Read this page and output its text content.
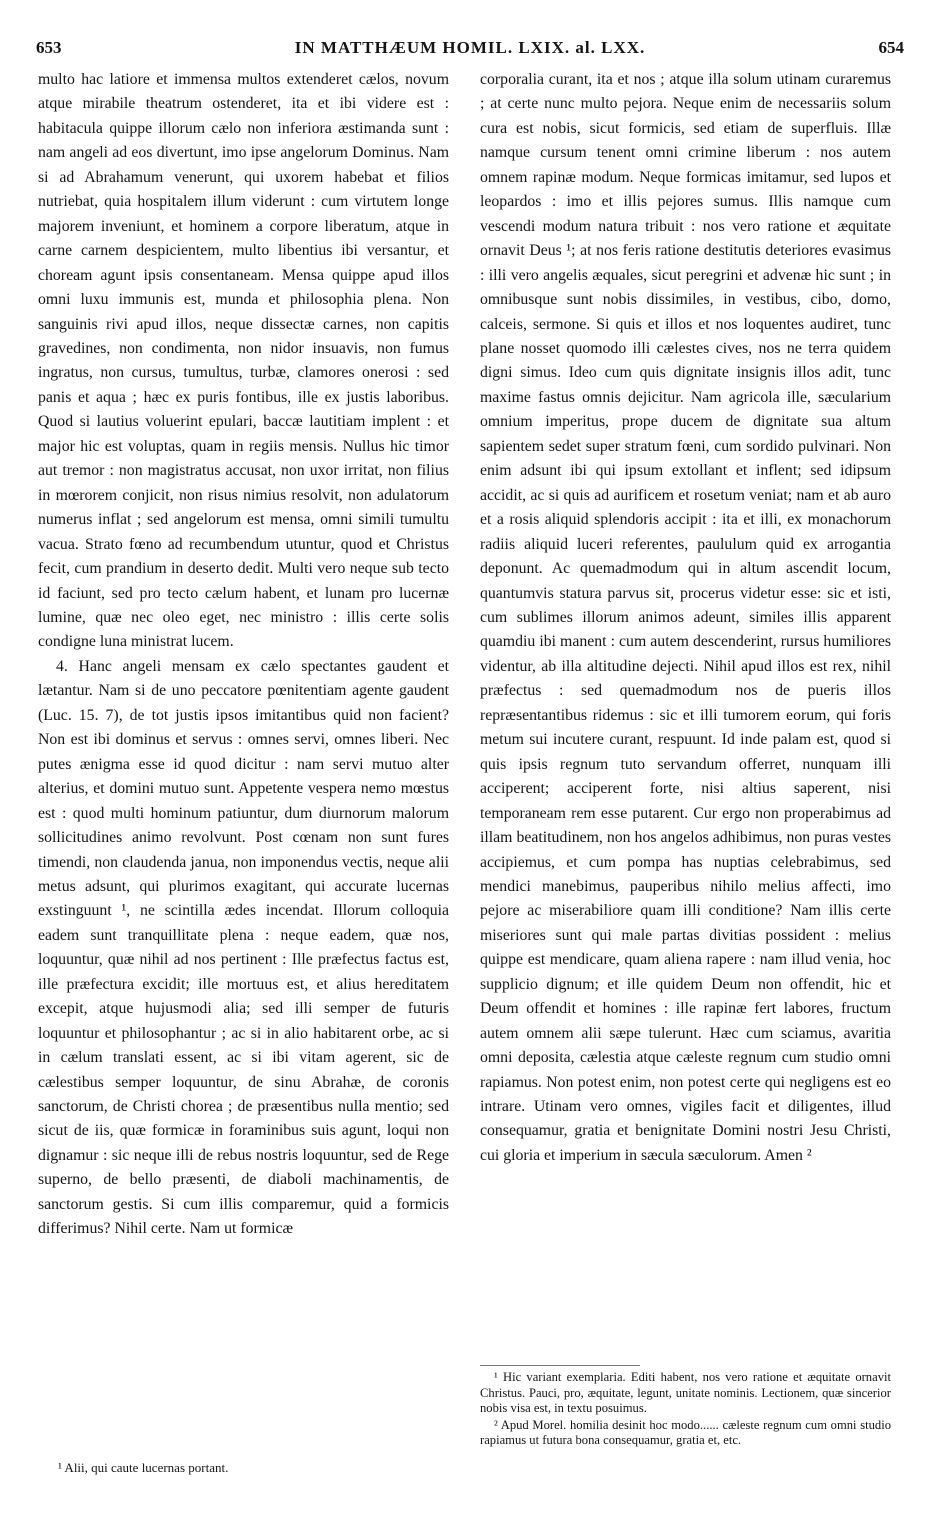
653	IN MATTHÆUM HOMIL. LXIX. al. LXX.	654

multo hac latiore et immensa multos extenderet cælos, novum atque mirabile theatrum ostenderet, ita et ibi videre est : habitacula quippe illorum cælo non inferiora æstimanda sunt : nam angeli ad eos divertunt, imo ipse angelorum Dominus. Nam si ad Abrahamum venerunt, qui uxorem habebat et filios nutriebat, quia hospitalem illum viderunt : cum virtutem longe majorem inveniunt, et hominem a corpore liberatum, atque in carne carnem despicientem, multo libentius ibi versantur, et choream agunt ipsis consentaneam. Mensa quippe apud illos omni luxu immunis est, munda et philosophia plena. Non sanguinis rivi apud illos, neque dissectæ carnes, non capitis gravedines, non condimenta, non nidor insuavis, non fumus ingratus, non cursus, tumultus, turbæ, clamores onerosi : sed panis et aqua ; hæc ex puris fontibus, ille ex justis laboribus. Quod si lautius voluerint epulari, baccæ lautitiam implent : et major hic est voluptas, quam in regiis mensis. Nullus hic timor aut tremor : non magistratus accusat, non uxor irritat, non filius in mœrorem conjicit, non risus nimius resolvit, non adulatorum numerus inflat ; sed angelorum est mensa, omni simili tumultu vacua. Strato fœno ad recumbendum utuntur, quod et Christus fecit, cum prandium in deserto dedit. Multi vero neque sub tecto id faciunt, sed pro tecto cælum habent, et lunam pro lucernæ lumine, quæ nec oleo eget, nec ministro : illis certe solis condigne luna ministrat lucem.

4. Hanc angeli mensam ex cælo spectantes gaudent et lætantur. Nam si de uno peccatore pœnitentiam agente gaudent (Luc. 15. 7), de tot justis ipsos imitantibus quid non facient? Non est ibi dominus et servus : omnes servi, omnes liberi. Nec putes ænigma esse id quod dicitur : nam servi mutuo alter alterius, et domini mutuo sunt. Appetente vespera nemo mœstus est : quod multi hominum patiuntur, dum diurnorum malorum sollicitudines animo revolvunt. Post cœnam non sunt fures timendi, non claudenda janua, non imponendus vectis, neque alii metus adsunt, qui plurimos exagitant, qui accurate lucernas exstinguunt ¹, ne scintilla ædes incendat. Illorum colloquia eadem sunt tranquillitate plena : neque eadem, quæ nos, loquuntur, quæ nihil ad nos pertinent : Ille præfectus factus est, ille præfectura excidit; ille mortuus est, et alius hereditatem excepit, atque hujusmodi alia; sed illi semper de futuris loquuntur et philosophantur ; ac si in alio habitarent orbe, ac si in cælum translati essent, ac si ibi vitam agerent, sic de cælestibus semper loquuntur, de sinu Abrahæ, de coronis sanctorum, de Christi chorea ; de præsentibus nulla mentio; sed sicut de iis, quæ formicæ in foraminibus suis agunt, loqui non dignamur : sic neque illi de rebus nostris loquuntur, sed de Rege superno, de bello præsenti, de diaboli machinamentis, de sanctorum gestis. Si cum illis comparemur, quid a formicis differimus? Nihil certe. Nam ut formicæ

corporalia curant, ita et nos ; atque illa solum utinam curaremus ; at certe nunc multo pejora. Neque enim de necessariis solum cura est nobis, sicut formicis, sed etiam de superfluis. Illæ namque cursum tenent omni crimine liberum : nos autem omnem rapinæ modum. Neque formicas imitamur, sed lupos et leopardos : imo et illis pejores sumus. Illis namque cum vescendi modum natura tribuit : nos vero ratione et æquitate ornavit Deus ¹; at nos feris ratione destitutis deteriores evasimus : illi vero angelis æquales, sicut peregrini et advenæ hic sunt ; in omnibusque sunt nobis dissimiles, in vestibus, cibo, domo, calceis, sermone. Si quis et illos et nos loquentes audiret, tunc plane nosset quomodo illi cælestes cives, nos ne terra quidem digni simus. Idеo cum quis dignitate insignis illos adit, tunc maxime fastus omnis dejicitur. Nam agricola ille, sæcularium omnium imperitus, prope ducem de dignitate sua altum sapientem sedet super stratum fœni, cum sordido pulvinari. Non enim adsunt ibi qui ipsum extollant et inflent; sed idipsum accidit, ac si quis ad aurificem et rosetum veniat; nam et ab auro et a rosis aliquid splendoris accipit : ita et illi, ex monachorum radiis aliquid luceri referentes, paululum quid ex arrogantia deponunt. Ac quemadmodum qui in altum ascendit locum, quantumvis statura parvus sit, procerus videtur esse: sic et isti, cum sublimes illorum animos adeunt, similes illis apparent quamdiu ibi manent : cum autem descenderint, rursus humiliores videntur, ab illa altitudine dejecti. Nihil apud illos est rex, nihil præfectus : sed quemadmodum nos de pueris illos repræsentantibus ridemus : sic et illi tumorem eorum, qui foris metum sui incutere curant, respuunt. Id inde palam est, quod si quis ipsis regnum tuto servandum offerret, nunquam illi acciperent; acciperent forte, nisi altius saperent, nisi temporaneam rem esse putarent. Cur ergo non properabimus ad illam beatitudinem, non hos angelos adhibimus, non puras vestes accipiemus, et cum pompa has nuptias celebrabimus, sed mendici manebimus, pauperibus nihilo melius affecti, imo pejore ac miserabiliore quam illi conditione? Nam illis certe miseriores sunt qui male partas divitias possident : melius quippe est mendicare, quam aliena rapere : nam illud venia, hoc supplicio dignum; et ille quidem Deum non offendit, hic et Deum offendit et homines : ille rapinæ fert labores, fructum autem omnem alii sæpe tulerunt. Hæc cum sciamus, avaritia omni deposita, cælestia atque cæleste regnum cum studio omni rapiamus. Non potest enim, non potest certe qui negligens est eo intrare. Utinam vero omnes, vigiles facit et diligentes, illud consequamur, gratia et benignitate Domini nostri Jesu Christi, cui gloria et imperium in sæcula sæculorum. Amen ²

¹ Alii, qui caute lucernas portant.

¹ Hic variant exemplaria. Editi habent, nos vero ratione et æquitate ornavit Christus. Pauci, pro, æquitate, legunt, unitate nominis. Lectionem, quæ sincerior nobis visa est, in textu posuimus.

² Apud Morel. homilia desinit hoc modo...... cæleste regnum cum omni studio rapiamus ut futura bona consequamur, gratia et, etc.
